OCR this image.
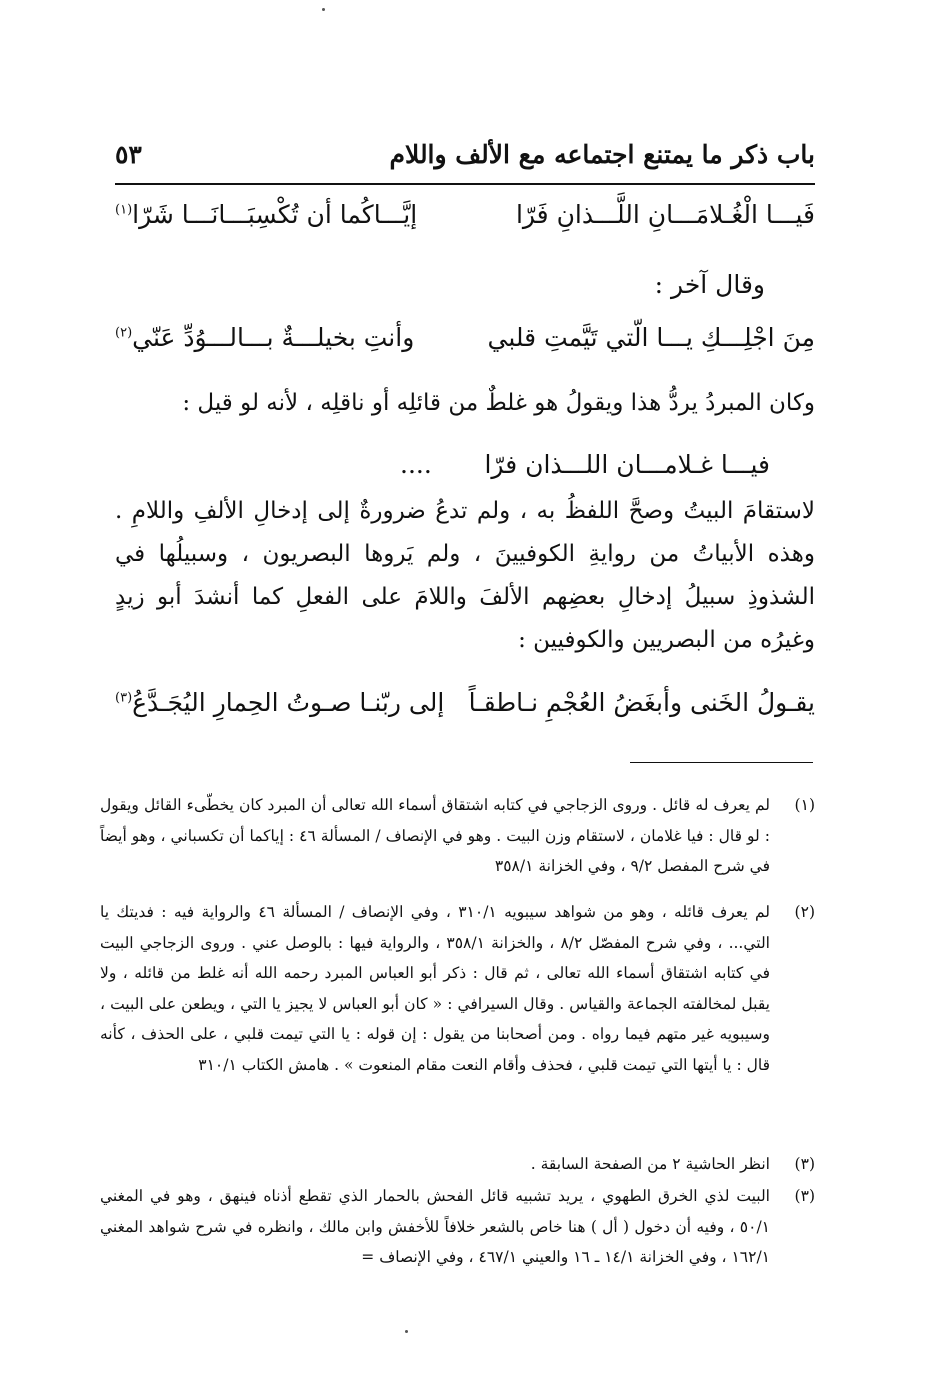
باب ذكر ما يمتنع اجتماعه مع الألف واللام
٥٣
فَيـــا الْغُـلامَـــانِ اللَّـــذانِ فَرّا
إيَّـــاكُما أن تُكْسِبَـــانَـــا شَرّا$^{(١)}$
وقال آخر :
مِنَ اجْلِـــكِ يـــا الّتي تَيَّمتِ قلبي
وأنتِ بخيلـــةٌ بـــالـــوُدِّ عَنّي$^{(٢)}$
وكان المبردُ يردُّ هذا ويقولُ هو غلطٌ من قائلِه أو ناقلِه ، لأنه لو قيل :
فيـــا غـلامـــان اللـــذان فرّا
....
لاستقامَ البيتُ وصحَّ اللفظُ به ، ولم تدعُ ضرورةٌ إلى إدخالِ الألفِ واللامِ . وهذه الأبياتُ من روايةِ الكوفيينَ ، ولم يَروها البصريون ، وسبيلُها في الشذوذِ سبيلُ إدخالِ بعضِهم الألفَ واللامَ على الفعلِ كما أنشدَ أبو زيدٍ وغيرُه من البصريين والكوفيين :
يقـولُ الخَنى وأبغَضُ العُجْمِ نـاطقـاً
إلى ربّنـا صـوتُ الحِمارِ اليُجَـدَّعُ$^{(٣)}$
(١)
لم يعرف له قائل . وروى الزجاجي في كتابه اشتقاق أسماء الله تعالى أن المبرد كان يخطّىء القائل ويقول : لو قال : فيا غلامان ، لاستقام وزن البيت . وهو في الإنصاف / المسألة ٤٦ : إياكما أن تكسباني ، وهو أيضاً في شرح المفصل ٩/٢ ، وفي الخزانة ٣٥٨/١
(٢)
لم يعرف قائله ، وهو من شواهد سيبويه ٣١٠/١ ، وفي الإنصاف / المسألة ٤٦ والرواية فيه : فديتك يا التي... ، وفي شرح المفصّل ٨/٢ ، والخزانة ٣٥٨/١ ، والرواية فيها : بالوصل عني . وروى الزجاجي البيت في كتابه اشتقاق أسماء الله تعالى ، ثم قال : ذكر أبو العباس المبرد رحمه الله أنه غلط من قائله ، ولا يقبل لمخالفته الجماعة والقياس . وقال السيرافي : « كان أبو العباس لا يجيز يا التي ، ويطعن على البيت ، وسيبويه غير متهم فيما رواه . ومن أصحابنا من يقول : إن قوله : يا التي تيمت قلبي ، على الحذف ، كأنه قال : يا أيتها التي تيمت قلبي ، فحذف وأقام النعت مقام المنعوت » . هامش الكتاب ٣١٠/١
(٣)
انظر الحاشية ٢ من الصفحة السابقة .
(٣)
البيت لذي الخرق الطهوي ، يريد تشبيه قائل الفحش بالحمار الذي تقطع أذناه فينهق ، وهو في المغني ٥٠/١ ، وفيه أن دخول ( أل ) هنا خاص بالشعر خلافاً للأخفش وابن مالك ، وانظره في شرح شواهد المغني ١٦٢/١ ، وفي الخزانة ١٤/١ ـ ١٦ والعيني ٤٦٧/١ ، وفي الإنصاف =
